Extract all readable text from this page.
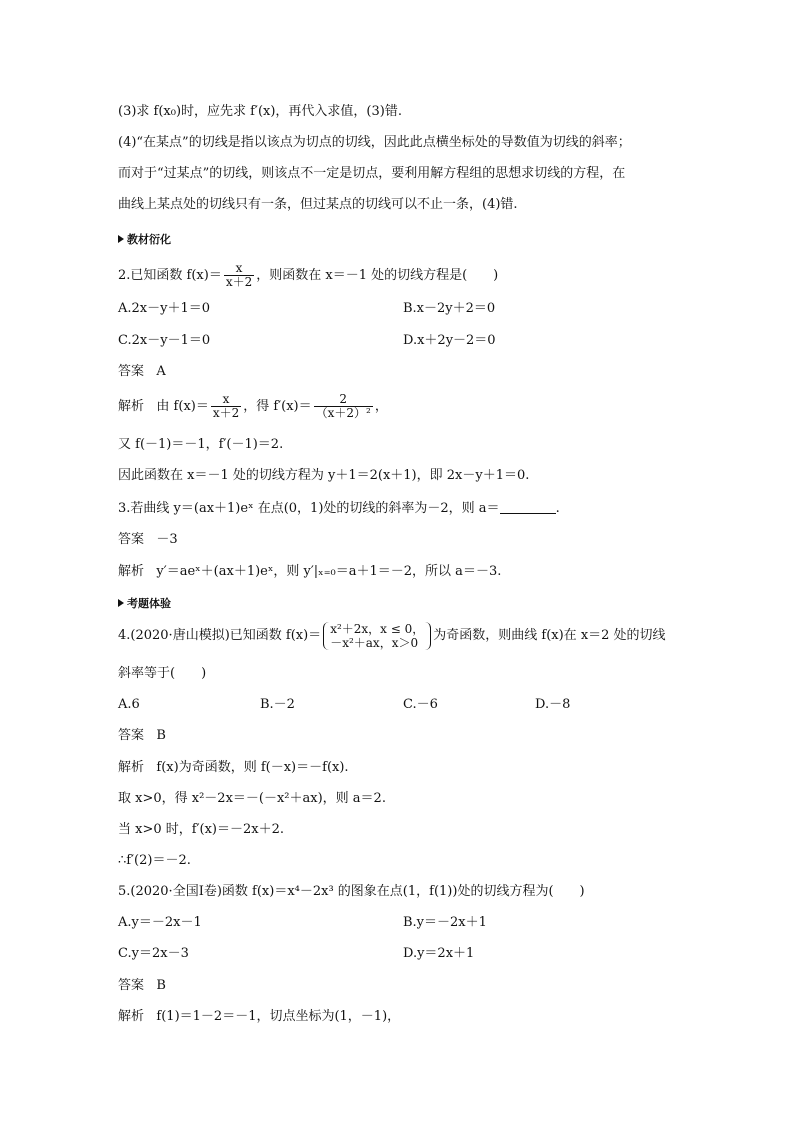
(3)求 f(x₀)时，应先求 f′(x)，再代入求值，(3)错.
(4)“在某点”的切线是指以该点为切点的切线，因此此点横坐标处的导数值为切线的斜率；
而对于“过某点”的切线，则该点不一定是切点，要利用解方程组的思想求切线的方程，在
曲线上某点处的切线只有一条，但过某点的切线可以不止一条，(4)错.
教材衍化
2.已知函数 $f(x)= \frac{x}{x+2}$ ，则函数在 x＝－1 处的切线方程是(　　)
A.2x－y＋1＝0	B.x－2y＋2＝0
C.2x－y－1＝0	D.x＋2y－2＝0
答案 A
解析 由 $f(x)= \frac{x}{x+2}$ ，得 $f'(x)= \frac{2}{\text{（x＋2）²}}$ ，
又 f(－1)＝－1，f′(－1)＝2.
因此函数在 x＝－1 处的切线方程为 y＋1＝2(x＋1)，即 2x－y＋1＝0.
3.若曲线 y＝(ax＋1)eˣ 在点(0，1)处的切线的斜率为－2，则 a＝	.
答案 －3
解析 y′＝aeˣ＋(ax＋1)eˣ，则 y′|ₓ₌₀＝a＋1＝－2，所以 a＝－3.
考题体验
4.(2020·唐山模拟)已知函数 f(x)＝ x²＋2x，x ≤ 0，
－x²＋ax，x＞0	为奇函数，则曲线 f(x)在 x＝2 处的切线
斜率等于(　　)
A.6	B.－2	C.－6	D.－8
答案 B
解析 f(x)为奇函数，则 f(－x)＝－f(x).
取 x>0，得 x²－2x＝－(－x²＋ax)，则 a＝2.
当 x>0 时，f′(x)＝－2x＋2.
∴f′(2)＝－2.
5.(2020·全国Ⅰ卷)函数 f(x)＝x⁴－2x³ 的图象在点(1，f(1))处的切线方程为(　　)
A.y＝－2x－1	B.y＝－2x＋1
C.y＝2x－3	D.y＝2x＋1
答案 B
解析 f(1)＝1－2＝－1，切点坐标为(1，－1)，
